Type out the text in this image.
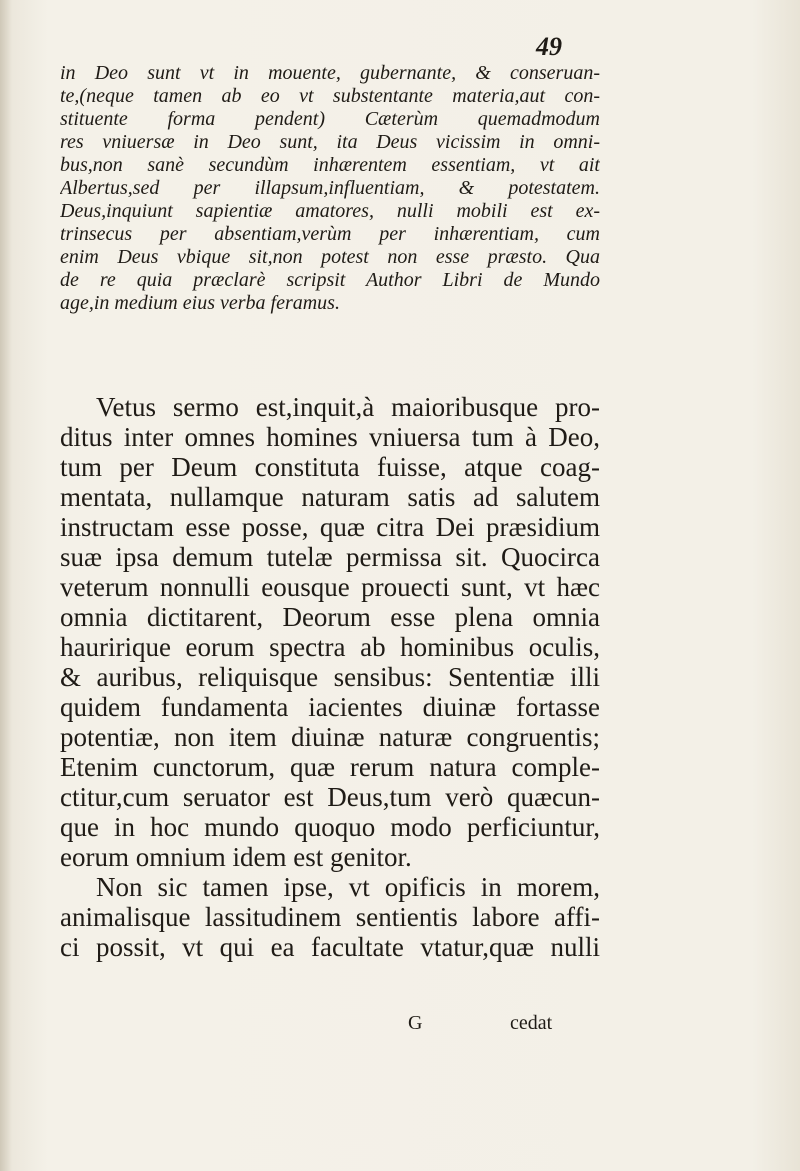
49
in Deo sunt vt in mouente, gubernante, & conseruan-
te,(neque tamen ab eo vt substentante materia,aut con-
stituente forma pendent) Cæterùm quemadmodum
res vniuersæ in Deo sunt, ita Deus vicissim in omni-
bus,non sanè secundùm inhærentem essentiam, vt ait
Albertus,sed per illapsum,influentiam, & potestatem.
Deus,inquiunt sapientiæ amatores, nulli mobili est ex-
trinsecus per absentiam,verùm per inhærentiam, cum
enim Deus vbique sit,non potest non esse præsto. Qua
de re quia præclarè scripsit Author Libri de Mundo
age,in medium eius verba feramus.
Vetus sermo est,inquit,à maioribusque pro-
ditus inter omnes homines vniuersa tum à Deo,
tum per Deum constituta fuisse, atque coag-
mentata, nullamque naturam satis ad salutem
instructam esse posse, quæ citra Dei præsidium
suæ ipsa demum tutelæ permissa sit. Quocirca
veterum nonnulli eousque prouecti sunt, vt hæc
omnia dictitarent, Deorum esse plena omnia
hauririque eorum spectra ab hominibus oculis,
& auribus, reliquisque sensibus: Sententiæ illi
quidem fundamenta iacientes diuinæ fortasse
potentiæ, non item diuinæ naturæ congruentis;
Etenim cunctorum, quæ rerum natura comple-
ctitur,cum seruator est Deus,tum verò quæcun-
que in hoc mundo quoquo modo perficiuntur,
eorum omnium idem est genitor.
Non sic tamen ipse, vt opificis in morem,
animalisque lassitudinem sentientis labore affi-
ci possit, vt qui ea facultate vtatur,quæ nulli
G	cedat
